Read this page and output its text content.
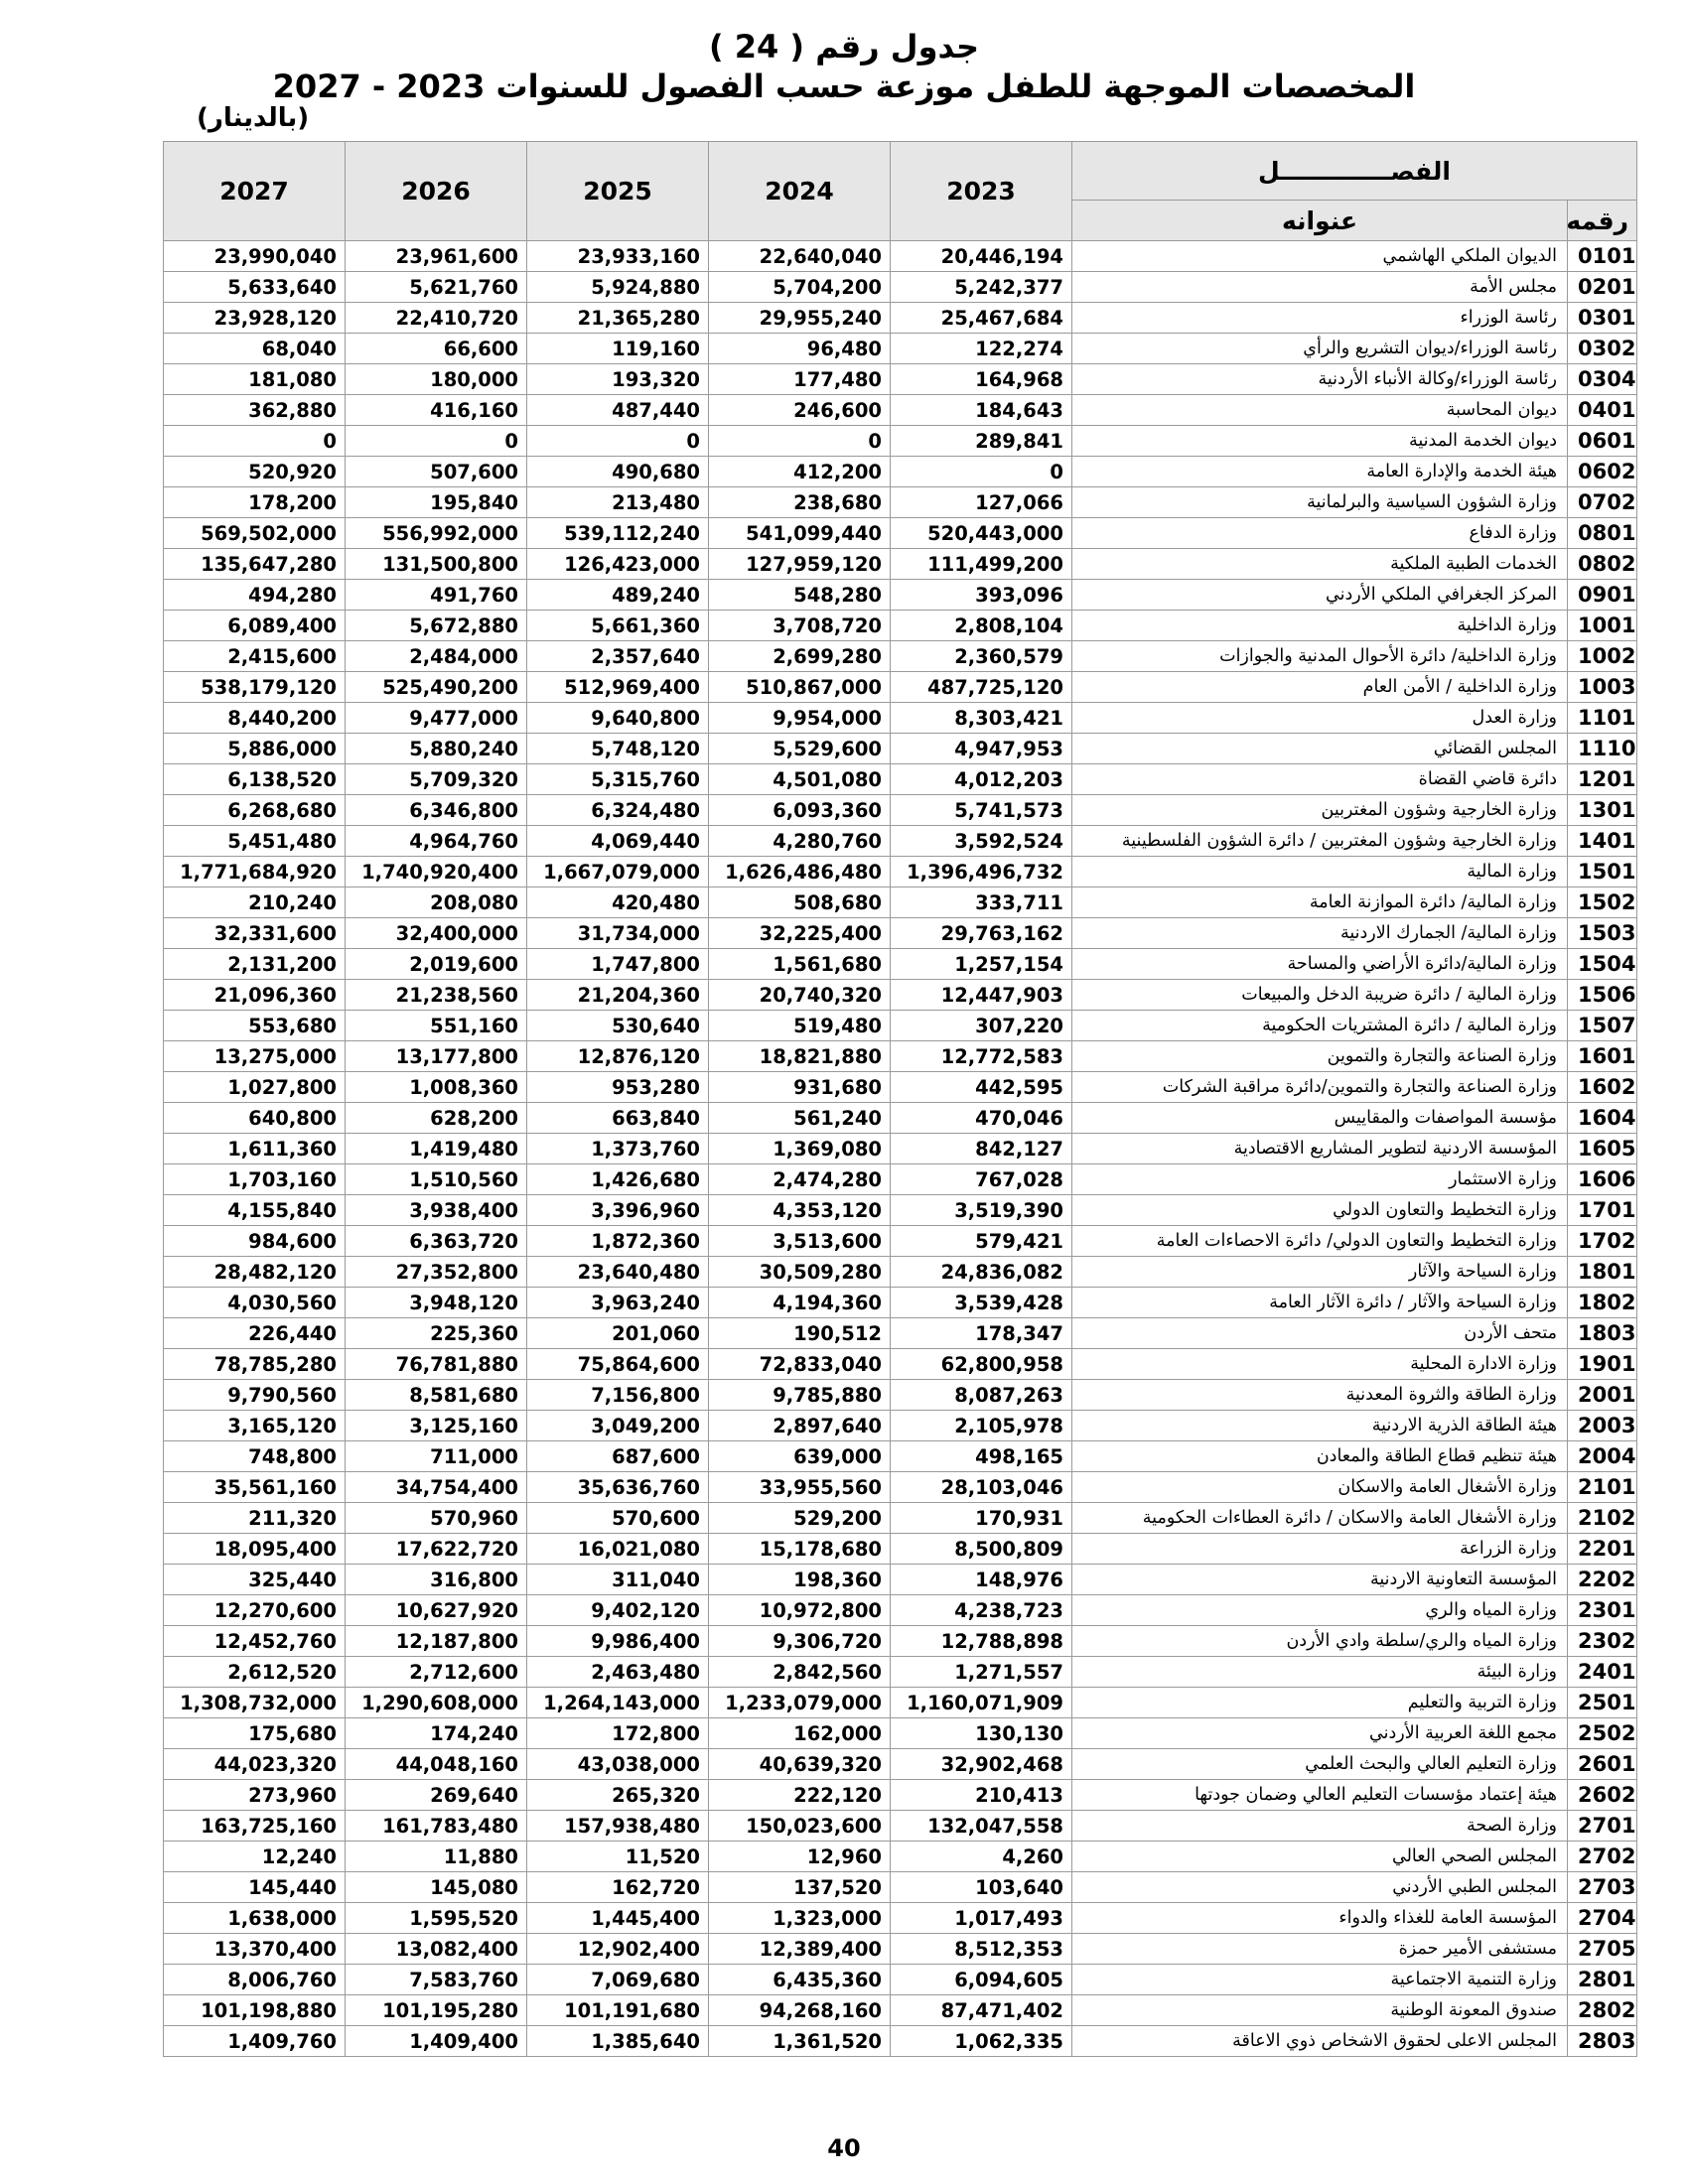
جدول رقم ( 24 )
المخصصات الموجهة للطفل موزعة حسب الفصول للسنوات 2023 - 2027
(بالدينار)
2027	2026	2025	2024	2023	الفصـــــــــــــل	
					عنوانه	رقمه
23,990,040	23,961,600	23,933,160	22,640,040	20,446,194	الديوان الملكي الهاشمي	0101
5,633,640	5,621,760	5,924,880	5,704,200	5,242,377	مجلس الأمة	0201
23,928,120	22,410,720	21,365,280	29,955,240	25,467,684	رئاسة الوزراء	0301
68,040	66,600	119,160	96,480	122,274	رئاسة الوزراء/ديوان التشريع والرأي	0302
181,080	180,000	193,320	177,480	164,968	رئاسة الوزراء/وكالة الأنباء الأردنية	0304
362,880	416,160	487,440	246,600	184,643	ديوان المحاسبة	0401
0	0	0	0	289,841	ديوان الخدمة المدنية	0601
520,920	507,600	490,680	412,200	0	هيئة الخدمة والإدارة العامة	0602
178,200	195,840	213,480	238,680	127,066	وزارة الشؤون السياسية والبرلمانية	0702
569,502,000	556,992,000	539,112,240	541,099,440	520,443,000	وزارة الدفاع	0801
135,647,280	131,500,800	126,423,000	127,959,120	111,499,200	الخدمات الطبية الملكية	0802
494,280	491,760	489,240	548,280	393,096	المركز الجغرافي الملكي الأردني	0901
6,089,400	5,672,880	5,661,360	3,708,720	2,808,104	وزارة الداخلية	1001
2,415,600	2,484,000	2,357,640	2,699,280	2,360,579	وزارة الداخلية/ دائرة الأحوال المدنية والجوازات	1002
538,179,120	525,490,200	512,969,400	510,867,000	487,725,120	وزارة الداخلية / الأمن العام	1003
8,440,200	9,477,000	9,640,800	9,954,000	8,303,421	وزارة العدل	1101
5,886,000	5,880,240	5,748,120	5,529,600	4,947,953	المجلس القضائي	1110
6,138,520	5,709,320	5,315,760	4,501,080	4,012,203	دائرة قاضي القضاة	1201
6,268,680	6,346,800	6,324,480	6,093,360	5,741,573	وزارة الخارجية وشؤون المغتربين	1301
5,451,480	4,964,760	4,069,440	4,280,760	3,592,524	وزارة الخارجية وشؤون المغتربين / دائرة الشؤون الفلسطينية	1401
1,771,684,920	1,740,920,400	1,667,079,000	1,626,486,480	1,396,496,732	وزارة المالية	1501
210,240	208,080	420,480	508,680	333,711	وزارة المالية/ دائرة الموازنة العامة	1502
32,331,600	32,400,000	31,734,000	32,225,400	29,763,162	وزارة المالية/ الجمارك الاردنية	1503
2,131,200	2,019,600	1,747,800	1,561,680	1,257,154	وزارة المالية/دائرة الأراضي والمساحة	1504
21,096,360	21,238,560	21,204,360	20,740,320	12,447,903	وزارة المالية / دائرة ضريبة الدخل والمبيعات	1506
553,680	551,160	530,640	519,480	307,220	وزارة المالية / دائرة المشتريات الحكومية	1507
13,275,000	13,177,800	12,876,120	18,821,880	12,772,583	وزارة الصناعة والتجارة والتموين	1601
1,027,800	1,008,360	953,280	931,680	442,595	وزارة الصناعة والتجارة والتموين/دائرة مراقبة الشركات	1602
640,800	628,200	663,840	561,240	470,046	مؤسسة المواصفات والمقاييس	1604
1,611,360	1,419,480	1,373,760	1,369,080	842,127	المؤسسة الاردنية لتطوير المشاريع الاقتصادية	1605
1,703,160	1,510,560	1,426,680	2,474,280	767,028	وزارة الاستثمار	1606
4,155,840	3,938,400	3,396,960	4,353,120	3,519,390	وزارة التخطيط والتعاون الدولي	1701
984,600	6,363,720	1,872,360	3,513,600	579,421	وزارة التخطيط والتعاون الدولي/ دائرة الاحصاءات العامة	1702
28,482,120	27,352,800	23,640,480	30,509,280	24,836,082	وزارة السياحة والآثار	1801
4,030,560	3,948,120	3,963,240	4,194,360	3,539,428	وزارة السياحة والآثار / دائرة الآثار العامة	1802
226,440	225,360	201,060	190,512	178,347	متحف الأردن	1803
78,785,280	76,781,880	75,864,600	72,833,040	62,800,958	وزارة الادارة المحلية	1901
9,790,560	8,581,680	7,156,800	9,785,880	8,087,263	وزارة الطاقة والثروة المعدنية	2001
3,165,120	3,125,160	3,049,200	2,897,640	2,105,978	هيئة الطاقة الذرية الاردنية	2003
748,800	711,000	687,600	639,000	498,165	هيئة تنظيم قطاع الطاقة والمعادن	2004
35,561,160	34,754,400	35,636,760	33,955,560	28,103,046	وزارة الأشغال العامة والاسكان	2101
211,320	570,960	570,600	529,200	170,931	وزارة الأشغال العامة والاسكان / دائرة العطاءات الحكومية	2102
18,095,400	17,622,720	16,021,080	15,178,680	8,500,809	وزارة الزراعة	2201
325,440	316,800	311,040	198,360	148,976	المؤسسة التعاونية الاردنية	2202
12,270,600	10,627,920	9,402,120	10,972,800	4,238,723	وزارة المياه والري	2301
12,452,760	12,187,800	9,986,400	9,306,720	12,788,898	وزارة المياه والري/سلطة وادي الأردن	2302
2,612,520	2,712,600	2,463,480	2,842,560	1,271,557	وزارة البيئة	2401
1,308,732,000	1,290,608,000	1,264,143,000	1,233,079,000	1,160,071,909	وزارة التربية والتعليم	2501
175,680	174,240	172,800	162,000	130,130	مجمع اللغة العربية الأردني	2502
44,023,320	44,048,160	43,038,000	40,639,320	32,902,468	وزارة التعليم العالي والبحث العلمي	2601
273,960	269,640	265,320	222,120	210,413	هيئة إعتماد مؤسسات التعليم العالي وضمان جودتها	2602
163,725,160	161,783,480	157,938,480	150,023,600	132,047,558	وزارة الصحة	2701
12,240	11,880	11,520	12,960	4,260	المجلس الصحي العالي	2702
145,440	145,080	162,720	137,520	103,640	المجلس الطبي الأردني	2703
1,638,000	1,595,520	1,445,400	1,323,000	1,017,493	المؤسسة العامة للغذاء والدواء	2704
13,370,400	13,082,400	12,902,400	12,389,400	8,512,353	مستشفى الأمير حمزة	2705
8,006,760	7,583,760	7,069,680	6,435,360	6,094,605	وزارة التنمية الاجتماعية	2801
101,198,880	101,195,280	101,191,680	94,268,160	87,471,402	صندوق المعونة الوطنية	2802
1,409,760	1,409,400	1,385,640	1,361,520	1,062,335	المجلس الاعلى لحقوق الاشخاص ذوي الاعاقة	2803
40
